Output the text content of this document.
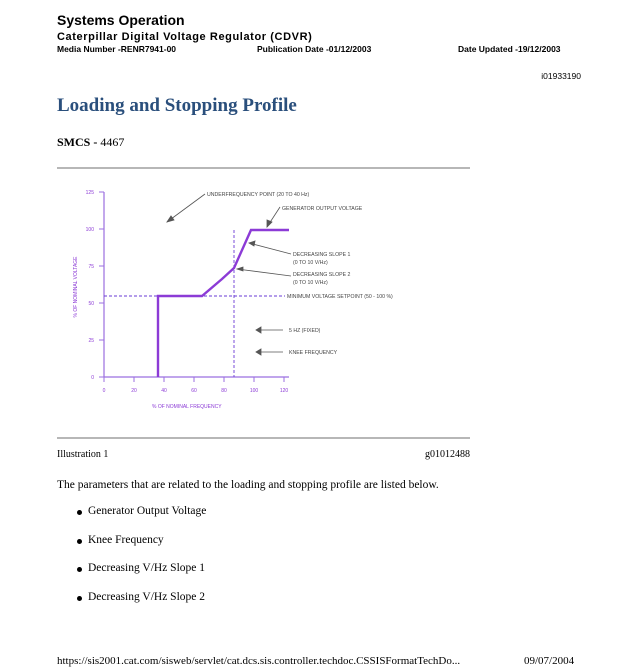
Systems Operation
Caterpillar Digital Voltage Regulator (CDVR)
Media Number -RENR7941-00	Publication Date -01/12/2003	Date Updated -19/12/2003
i01933190
Loading and Stopping Profile
SMCS - 4467
0
25
50
75
100
125
0	20	40	60	80	100	120
% OF NOMINAL VOLTAGE
% OF NOMINAL FREQUENCY
UNDERFREQUENCY POINT (20 TO 40 Hz)
GENERATOR OUTPUT VOLTAGE
DECREASING SLOPE 1
(0 TO 10 V/Hz)
DECREASING SLOPE 2
(0 TO 10 V/Hz)
MINIMUM VOLTAGE SETPOINT (50 - 100 %)
5 HZ (FIXED)
KNEE FREQUENCY
Illustration 1	g01012488
The parameters that are related to the loading and stopping profile are listed below.
Generator Output Voltage
Knee Frequency
Decreasing V/Hz Slope 1
Decreasing V/Hz Slope 2
https://sis2001.cat.com/sisweb/servlet/cat.dcs.sis.controller.techdoc.CSSISFormatTechDo...	09/07/2004
